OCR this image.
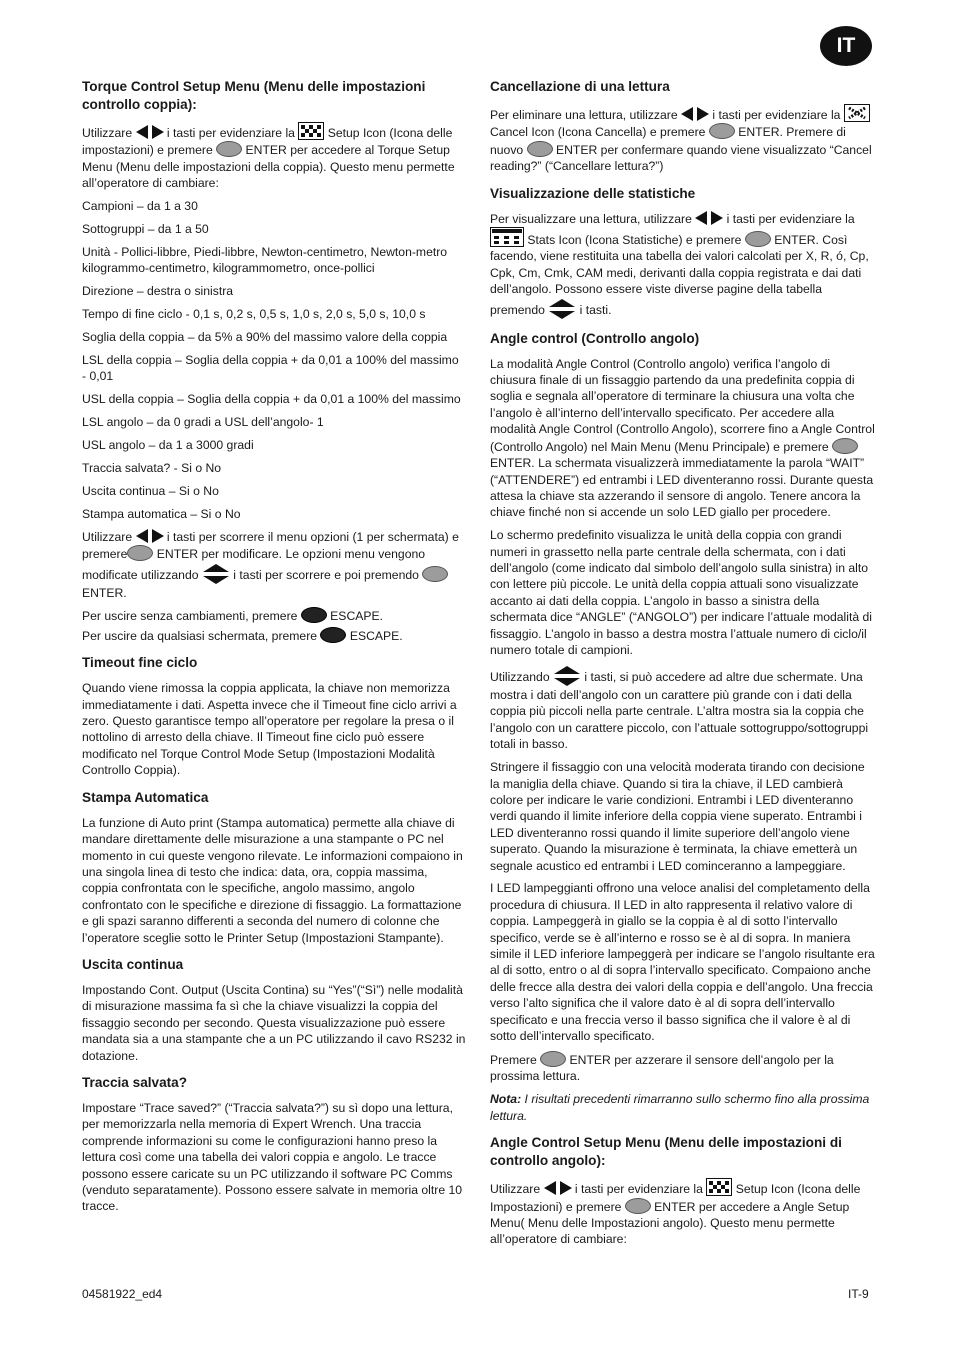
IT
Torque Control Setup Menu (Menu delle impostazioni controllo coppia):

Utilizzare	i tasti per evidenziare la  Setup Icon (Icona delle impostazioni) e premere  ENTER per accedere al Torque Setup Menu (Menu delle impostazioni della coppia). Questo menu permette all’operatore di cambiare:

Campioni – da 1 a 30

Sottogruppi – da 1 a 50

Unità - Pollici-libbre, Piedi-libbre, Newton-centimetro, Newton-metro kilogrammo-centimetro, kilogrammometro, once-pollici

Direzione – destra o sinistra

Tempo di fine ciclo - 0,1 s, 0,2 s, 0,5 s, 1,0 s, 2,0 s, 5,0 s, 10,0 s

Soglia della coppia – da 5% a 90% del massimo valore della coppia

LSL della coppia – Soglia della coppia + da 0,01 a 100% del massimo - 0,01

USL della coppia – Soglia della coppia + da 0,01 a 100% del massimo

LSL angolo – da 0 gradi a USL dell’angolo- 1

USL angolo – da 1 a 3000 gradi

Traccia salvata? - Si o No

Uscita continua – Si o No

Stampa automatica – Si o No

Utilizzare	i tasti per scorrere il menu opzioni (1 per schermata) e premere ENTER per modificare. Le opzioni menu vengono modificate utilizzando	i tasti per scorrere e poi premendo  ENTER.

Per uscire senza cambiamenti, premere  ESCAPE.

Per uscire da qualsiasi schermata, premere  ESCAPE.

Timeout fine ciclo

Quando viene rimossa la coppia applicata, la chiave non memorizza immediatamente i dati. Aspetta invece che il Timeout fine ciclo arrivi a zero. Questo garantisce tempo all’operatore per regolare la presa o il nottolino di arresto della chiave. Il Timeout fine ciclo può essere modificato nel Torque Control Mode Setup (Impostazioni Modalità Controllo Coppia).

Stampa Automatica

La funzione di Auto print (Stampa automatica) permette alla chiave di mandare direttamente delle misurazione a una stampante o PC nel momento in cui queste vengono rilevate. Le informazioni compaiono in una singola linea di testo che indica: data, ora, coppia massima, coppia confrontata con le specifiche, angolo massimo, angolo confrontato con le specifiche e direzione di fissaggio. La formattazione e gli spazi saranno differenti a seconda del numero di colonne che l’operatore sceglie sotto le Printer Setup (Impostazioni Stampante).

Uscita continua

Impostando Cont. Output (Uscita Contina) su “Yes”(“Sì”) nelle modalità di misurazione massima fa sì che la chiave visualizzi la coppia del fissaggio secondo per secondo. Questa visualizzazione può essere mandata sia a una stampante che a un PC utilizzando il cavo RS232 in dotazione.

Traccia salvata?

Impostare “Trace saved?” (“Traccia salvata?”) su sì dopo una lettura, per memorizzarla nella memoria di Expert Wrench. Una traccia comprende informazioni su come le configurazioni hanno preso la lettura così come una tabella dei valori coppia e angolo. Le tracce possono essere caricate su un PC utilizzando il software PC Comms (venduto separatamente). Possono essere salvate in memoria oltre 10 tracce.

Cancellazione di una lettura

Per eliminare una lettura, utilizzare  i tasti per evidenziare la  Cancel Icon (Icona Cancella) e premere  ENTER. Premere di nuovo  ENTER per confermare quando viene visualizzato “Cancel reading?” (“Cancellare lettura?”)

Visualizzazione delle statistiche

Per visualizzare una lettura, utilizzare  i tasti per evidenziare la  Stats Icon (Icona Statistiche) e premere  ENTER. Così facendo, viene restituita una tabella dei valori calcolati per X, R, ó, Cp, Cpk, Cm, Cmk, CAM medi, derivanti dalla coppia registrata e dai dati dell’angolo. Possono essere viste diverse pagine della tabella premendo  i tasti.

Angle control (Controllo angolo)

La modalità Angle Control (Controllo angolo) verifica l’angolo di chiusura finale di un fissaggio partendo da una predefinita coppia di soglia e segnala all’operatore di terminare la chiusura una volta che l’angolo è all’interno dell’intervallo specificato. Per accedere alla modalità Angle Control (Controllo Angolo), scorrere fino a Angle Control (Controllo Angolo) nel Main Menu (Menu Principale) e premere  ENTER. La schermata visualizzerà immediatamente la parola “WAIT” (“ATTENDERE”) ed entrambi i LED diventeranno rossi. Durante questa attesa la chiave sta azzerando il sensore di angolo. Tenere ancora la chiave finché non si accende un solo LED giallo per procedere.

Lo schermo predefinito visualizza le unità della coppia con grandi numeri in grassetto nella parte centrale della schermata, con i dati dell’angolo (come indicato dal simbolo dell’angolo sulla sinistra) in alto con lettere più piccole. Le unità della coppia attuali sono visualizzate accanto ai dati della coppia. L’angolo in basso a sinistra della schermata dice “ANGLE” (“ANGOLO”) per indicare l’attuale modalità di fissaggio. L’angolo in basso a destra mostra l’attuale numero di ciclo/il numero totale di campioni.

Utilizzando  i tasti, si può accedere ad altre due schermate. Una mostra i dati dell’angolo con un carattere più grande con i dati della coppia più piccoli nella parte centrale. L’altra mostra sia la coppia che l’angolo con un carattere piccolo, con l’attuale sottogruppo/sottogruppi totali in basso.

Stringere il fissaggio con una velocità moderata tirando con decisione la maniglia della chiave. Quando si tira la chiave, il LED cambierà colore per indicare le varie condizioni. Entrambi i LED diventeranno verdi quando il limite inferiore della coppia viene superato. Entrambi i LED diventeranno rossi quando il limite superiore dell’angolo viene superato. Quando la misurazione è terminata, la chiave emetterà un segnale acustico ed entrambi i LED cominceranno a lampeggiare.

I LED lampeggianti offrono una veloce analisi del completamento della procedura di chiusura. Il LED in alto rappresenta il relativo valore di coppia. Lampeggerà in giallo se la coppia è al di sotto l’intervallo specifico, verde se è all’interno e rosso se è al di sopra. In maniera simile il LED inferiore lampeggerà per indicare se l’angolo risultante era al di sotto, entro o al di sopra l’intervallo specificato. Compaiono anche delle frecce alla destra dei valori della coppia e dell’angolo. Una freccia verso l’alto significa che il valore dato è al di sopra dell’intervallo specificato e una freccia verso il basso significa che il valore è al di sotto dell’intervallo specificato.

Premere  ENTER per azzerare il sensore dell’angolo per la prossima lettura.

Nota: I risultati precedenti rimarranno sullo schermo fino alla prossima lettura.

Angle Control Setup Menu (Menu delle impostazioni di controllo angolo):

Utilizzare  i tasti per evidenziare la  Setup Icon (Icona delle Impostazioni) e premere  ENTER per accedere a Angle Setup Menu( Menu delle Impostazioni angolo). Questo menu permette all’operatore di cambiare:

04581922_ed4	IT-9
